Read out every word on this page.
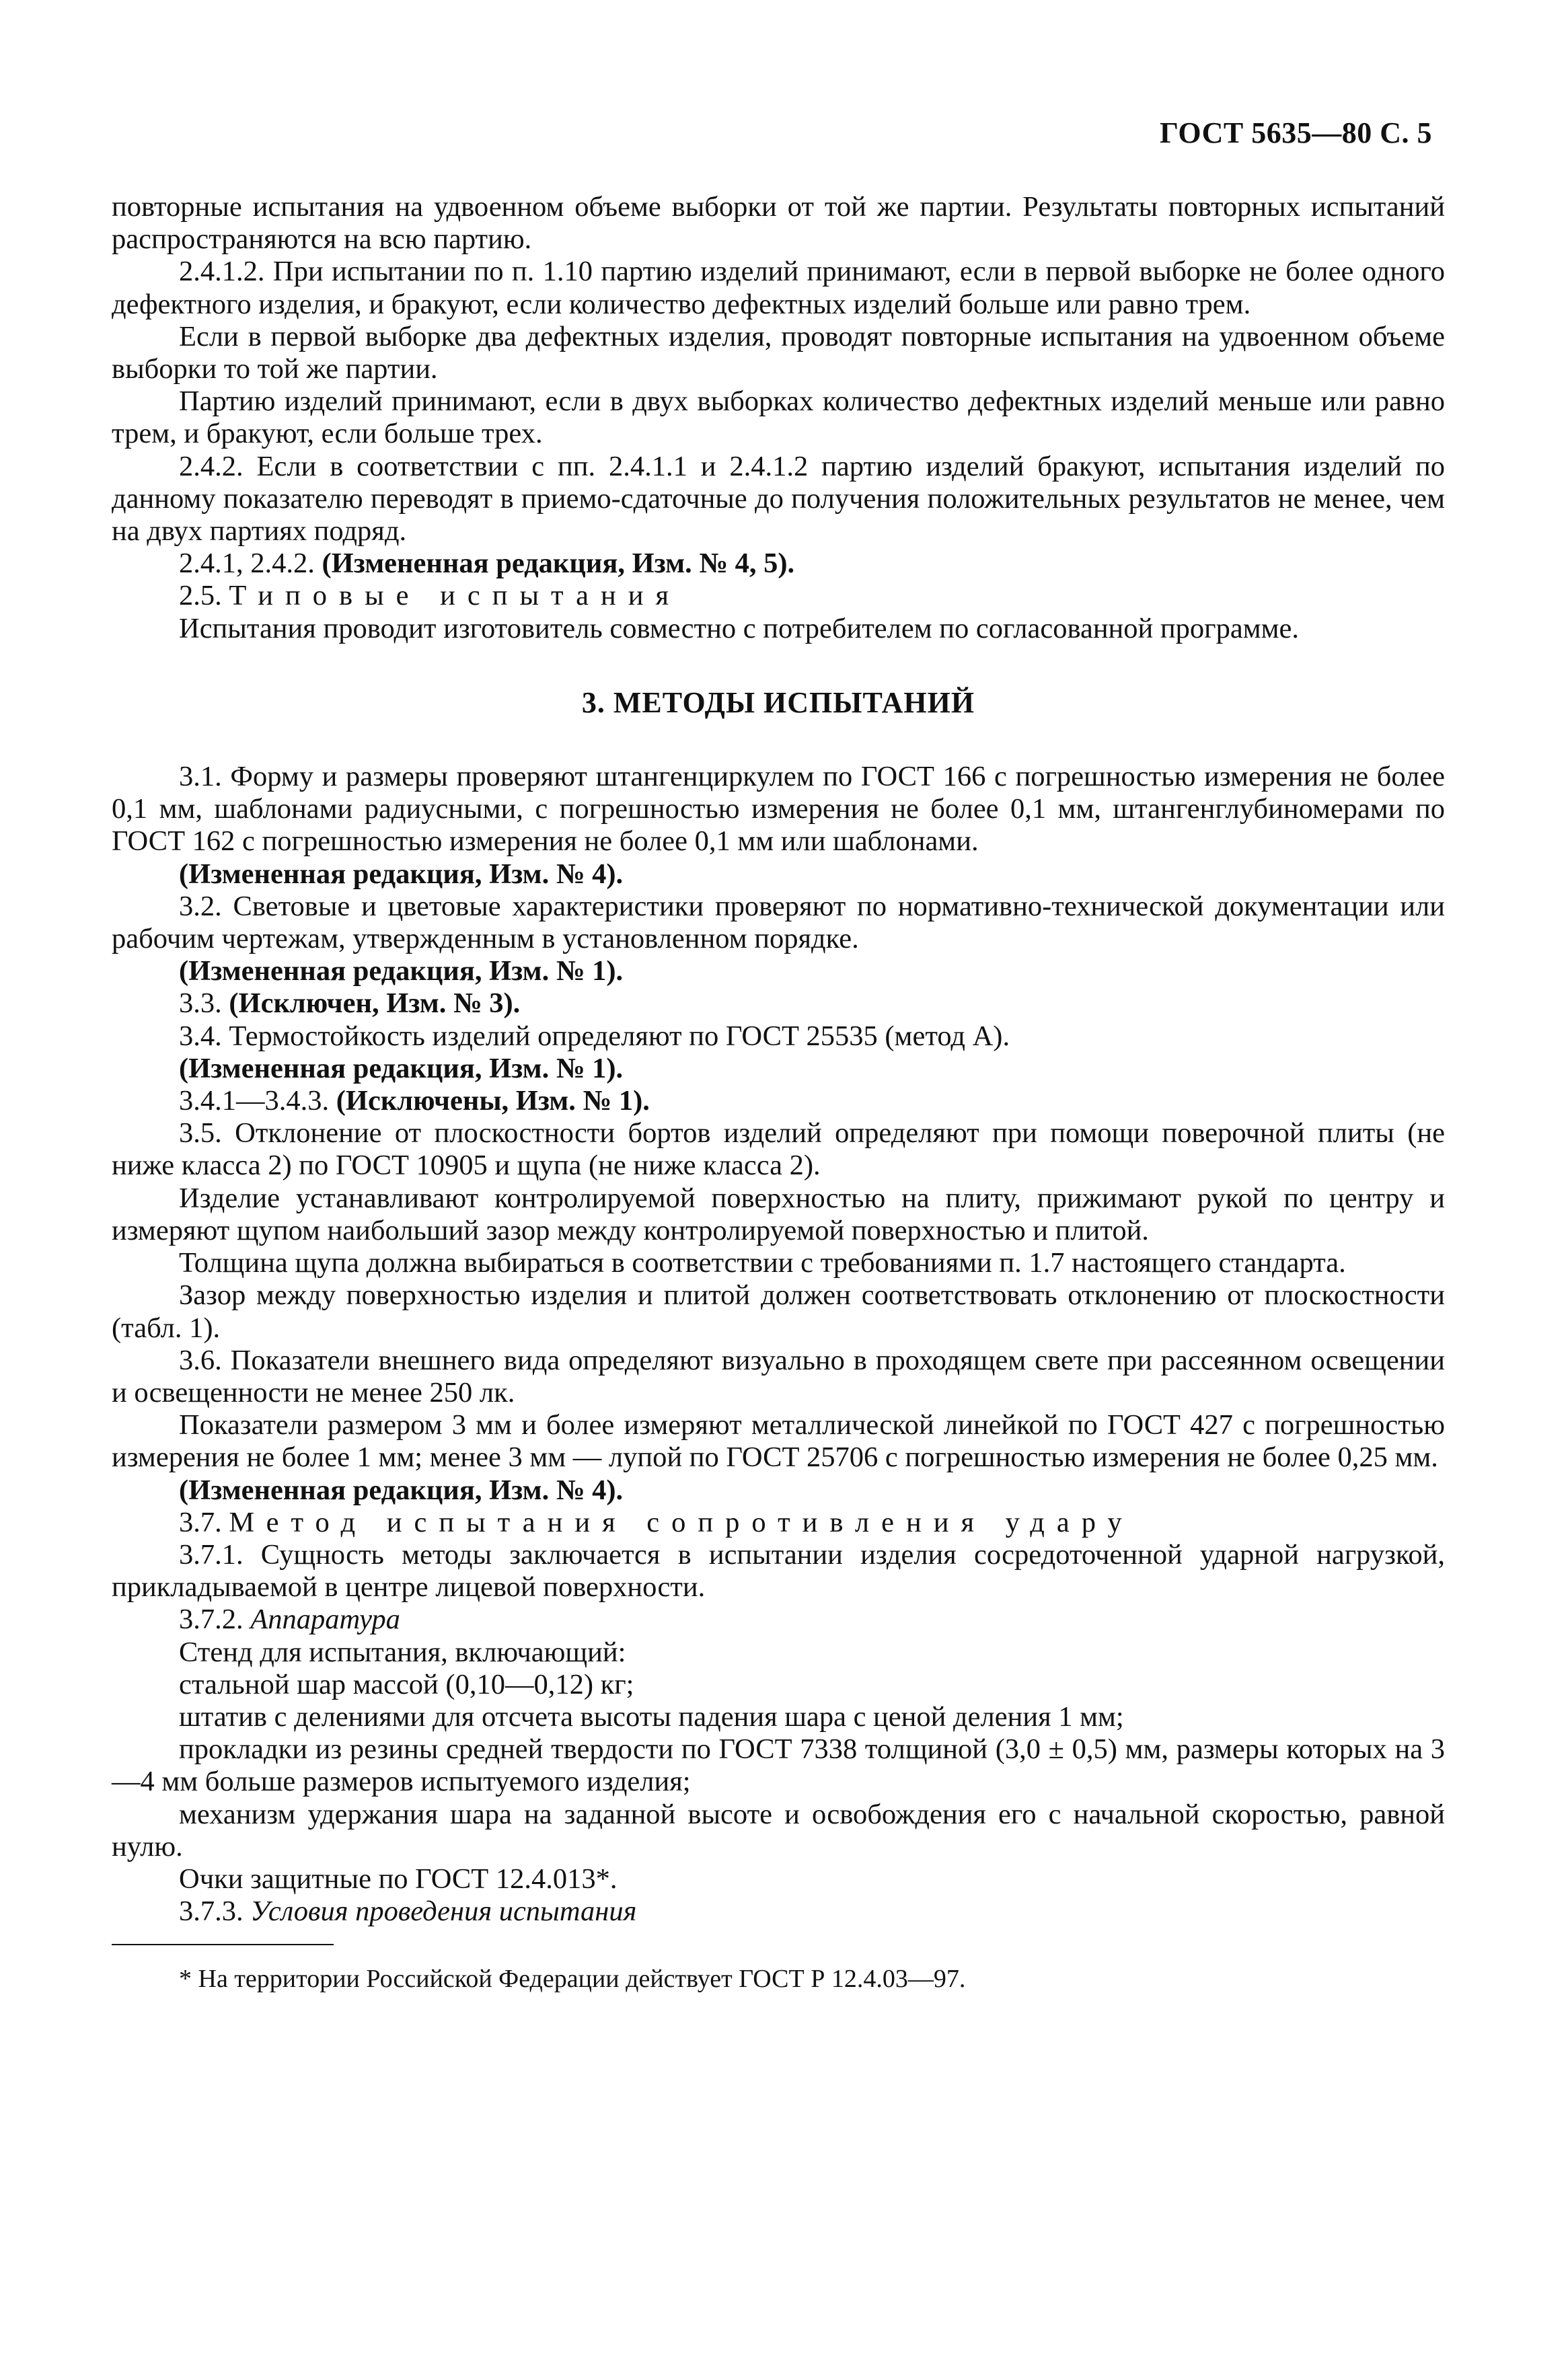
ГОСТ 5635—80 С. 5

повторные испытания на удвоенном объеме выборки от той же партии. Результаты повторных испытаний распространяются на всю партию.

2.4.1.2. При испытании по п. 1.10 партию изделий принимают, если в первой выборке не более одного дефектного изделия, и бракуют, если количество дефектных изделий больше или равно трем.

Если в первой выборке два дефектных изделия, проводят повторные испытания на удвоенном объеме выборки то той же партии.

Партию изделий принимают, если в двух выборках количество дефектных изделий меньше или равно трем, и бракуют, если больше трех.

2.4.2. Если в соответствии с пп. 2.4.1.1 и 2.4.1.2 партию изделий бракуют, испытания изделий по данному показателю переводят в приемо-сдаточные до получения положительных результатов не менее, чем на двух партиях подряд.

2.4.1, 2.4.2. (Измененная редакция, Изм. № 4, 5).

2.5. Типовые испытания

Испытания проводит изготовитель совместно с потребителем по согласованной программе.

3. МЕТОДЫ ИСПЫТАНИЙ

3.1. Форму и размеры проверяют штангенциркулем по ГОСТ 166 с погрешностью измерения не более 0,1 мм, шаблонами радиусными, с погрешностью измерения не более 0,1 мм, штангенглубиномерами по ГОСТ 162 с погрешностью измерения не более 0,1 мм или шаблонами.

(Измененная редакция, Изм. № 4).

3.2. Световые и цветовые характеристики проверяют по нормативно-технической документации или рабочим чертежам, утвержденным в установленном порядке.

(Измененная редакция, Изм. № 1).

3.3. (Исключен, Изм. № 3).

3.4. Термостойкость изделий определяют по ГОСТ 25535 (метод А).

(Измененная редакция, Изм. № 1).

3.4.1—3.4.3. (Исключены, Изм. № 1).

3.5. Отклонение от плоскостности бортов изделий определяют при помощи поверочной плиты (не ниже класса 2) по ГОСТ 10905 и щупа (не ниже класса 2).

Изделие устанавливают контролируемой поверхностью на плиту, прижимают рукой по центру и измеряют щупом наибольший зазор между контролируемой поверхностью и плитой.

Толщина щупа должна выбираться в соответствии с требованиями п. 1.7 настоящего стандарта.

Зазор между поверхностью изделия и плитой должен соответствовать отклонению от плоскостности (табл. 1).

3.6. Показатели внешнего вида определяют визуально в проходящем свете при рассеянном освещении и освещенности не менее 250 лк.

Показатели размером 3 мм и более измеряют металлической линейкой по ГОСТ 427 с погрешностью измерения не более 1 мм; менее 3 мм — лупой по ГОСТ 25706 с погрешностью измерения не более 0,25 мм.

(Измененная редакция, Изм. № 4).

3.7. Метод испытания сопротивления удару

3.7.1. Сущность методы заключается в испытании изделия сосредоточенной ударной нагрузкой, прикладываемой в центре лицевой поверхности.

3.7.2. Аппаратура

Стенд для испытания, включающий:

стальной шар массой (0,10—0,12) кг;

штатив с делениями для отсчета высоты падения шара с ценой деления 1 мм;

прокладки из резины средней твердости по ГОСТ 7338 толщиной (3,0 ± 0,5) мм, размеры которых на 3—4 мм больше размеров испытуемого изделия;

механизм удержания шара на заданной высоте и освобождения его с начальной скоростью, равной нулю.

Очки защитные по ГОСТ 12.4.013*.

3.7.3. Условия проведения испытания

* На территории Российской Федерации действует ГОСТ Р 12.4.03—97.
